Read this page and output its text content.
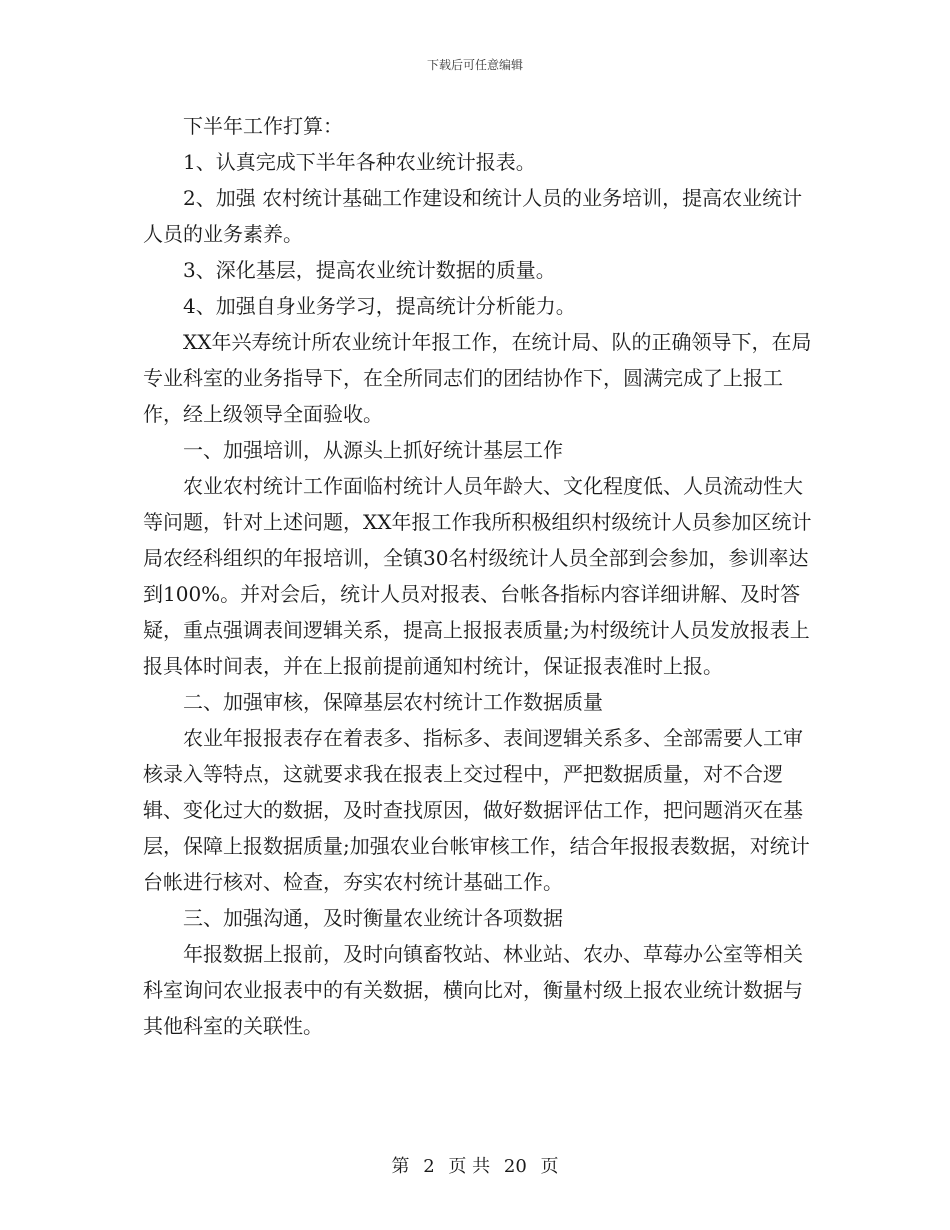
下载后可任意编辑

下半年工作打算：

1、认真完成下半年各种农业统计报表。

2、加强 农村统计基础工作建设和统计人员的业务培训，提高农业统计人员的业务素养。

3、深化基层，提高农业统计数据的质量。

4、加强自身业务学习，提高统计分析能力。

XX年兴寿统计所农业统计年报工作，在统计局、队的正确领导下，在局专业科室的业务指导下，在全所同志们的团结协作下，圆满完成了上报工作，经上级领导全面验收。

一、加强培训，从源头上抓好统计基层工作

农业农村统计工作面临村统计人员年龄大、文化程度低、人员流动性大等问题，针对上述问题，XX年报工作我所积极组织村级统计人员参加区统计局农经科组织的年报培训，全镇30名村级统计人员全部到会参加，参训率达到100%。并对会后，统计人员对报表、台帐各指标内容详细讲解、及时答疑，重点强调表间逻辑关系，提高上报报表质量;为村级统计人员发放报表上报具体时间表，并在上报前提前通知村统计，保证报表准时上报。

二、加强审核，保障基层农村统计工作数据质量

农业年报报表存在着表多、指标多、表间逻辑关系多、全部需要人工审核录入等特点，这就要求我在报表上交过程中，严把数据质量，对不合逻辑、变化过大的数据，及时查找原因，做好数据评估工作，把问题消灭在基层，保障上报数据质量;加强农业台帐审核工作，结合年报报表数据，对统计台帐进行核对、检查，夯实农村统计基础工作。

三、加强沟通，及时衡量农业统计各项数据

年报数据上报前，及时向镇畜牧站、林业站、农办、草莓办公室等相关科室询问农业报表中的有关数据，横向比对，衡量村级上报农业统计数据与其他科室的关联性。

第 2 页 共 20 页
